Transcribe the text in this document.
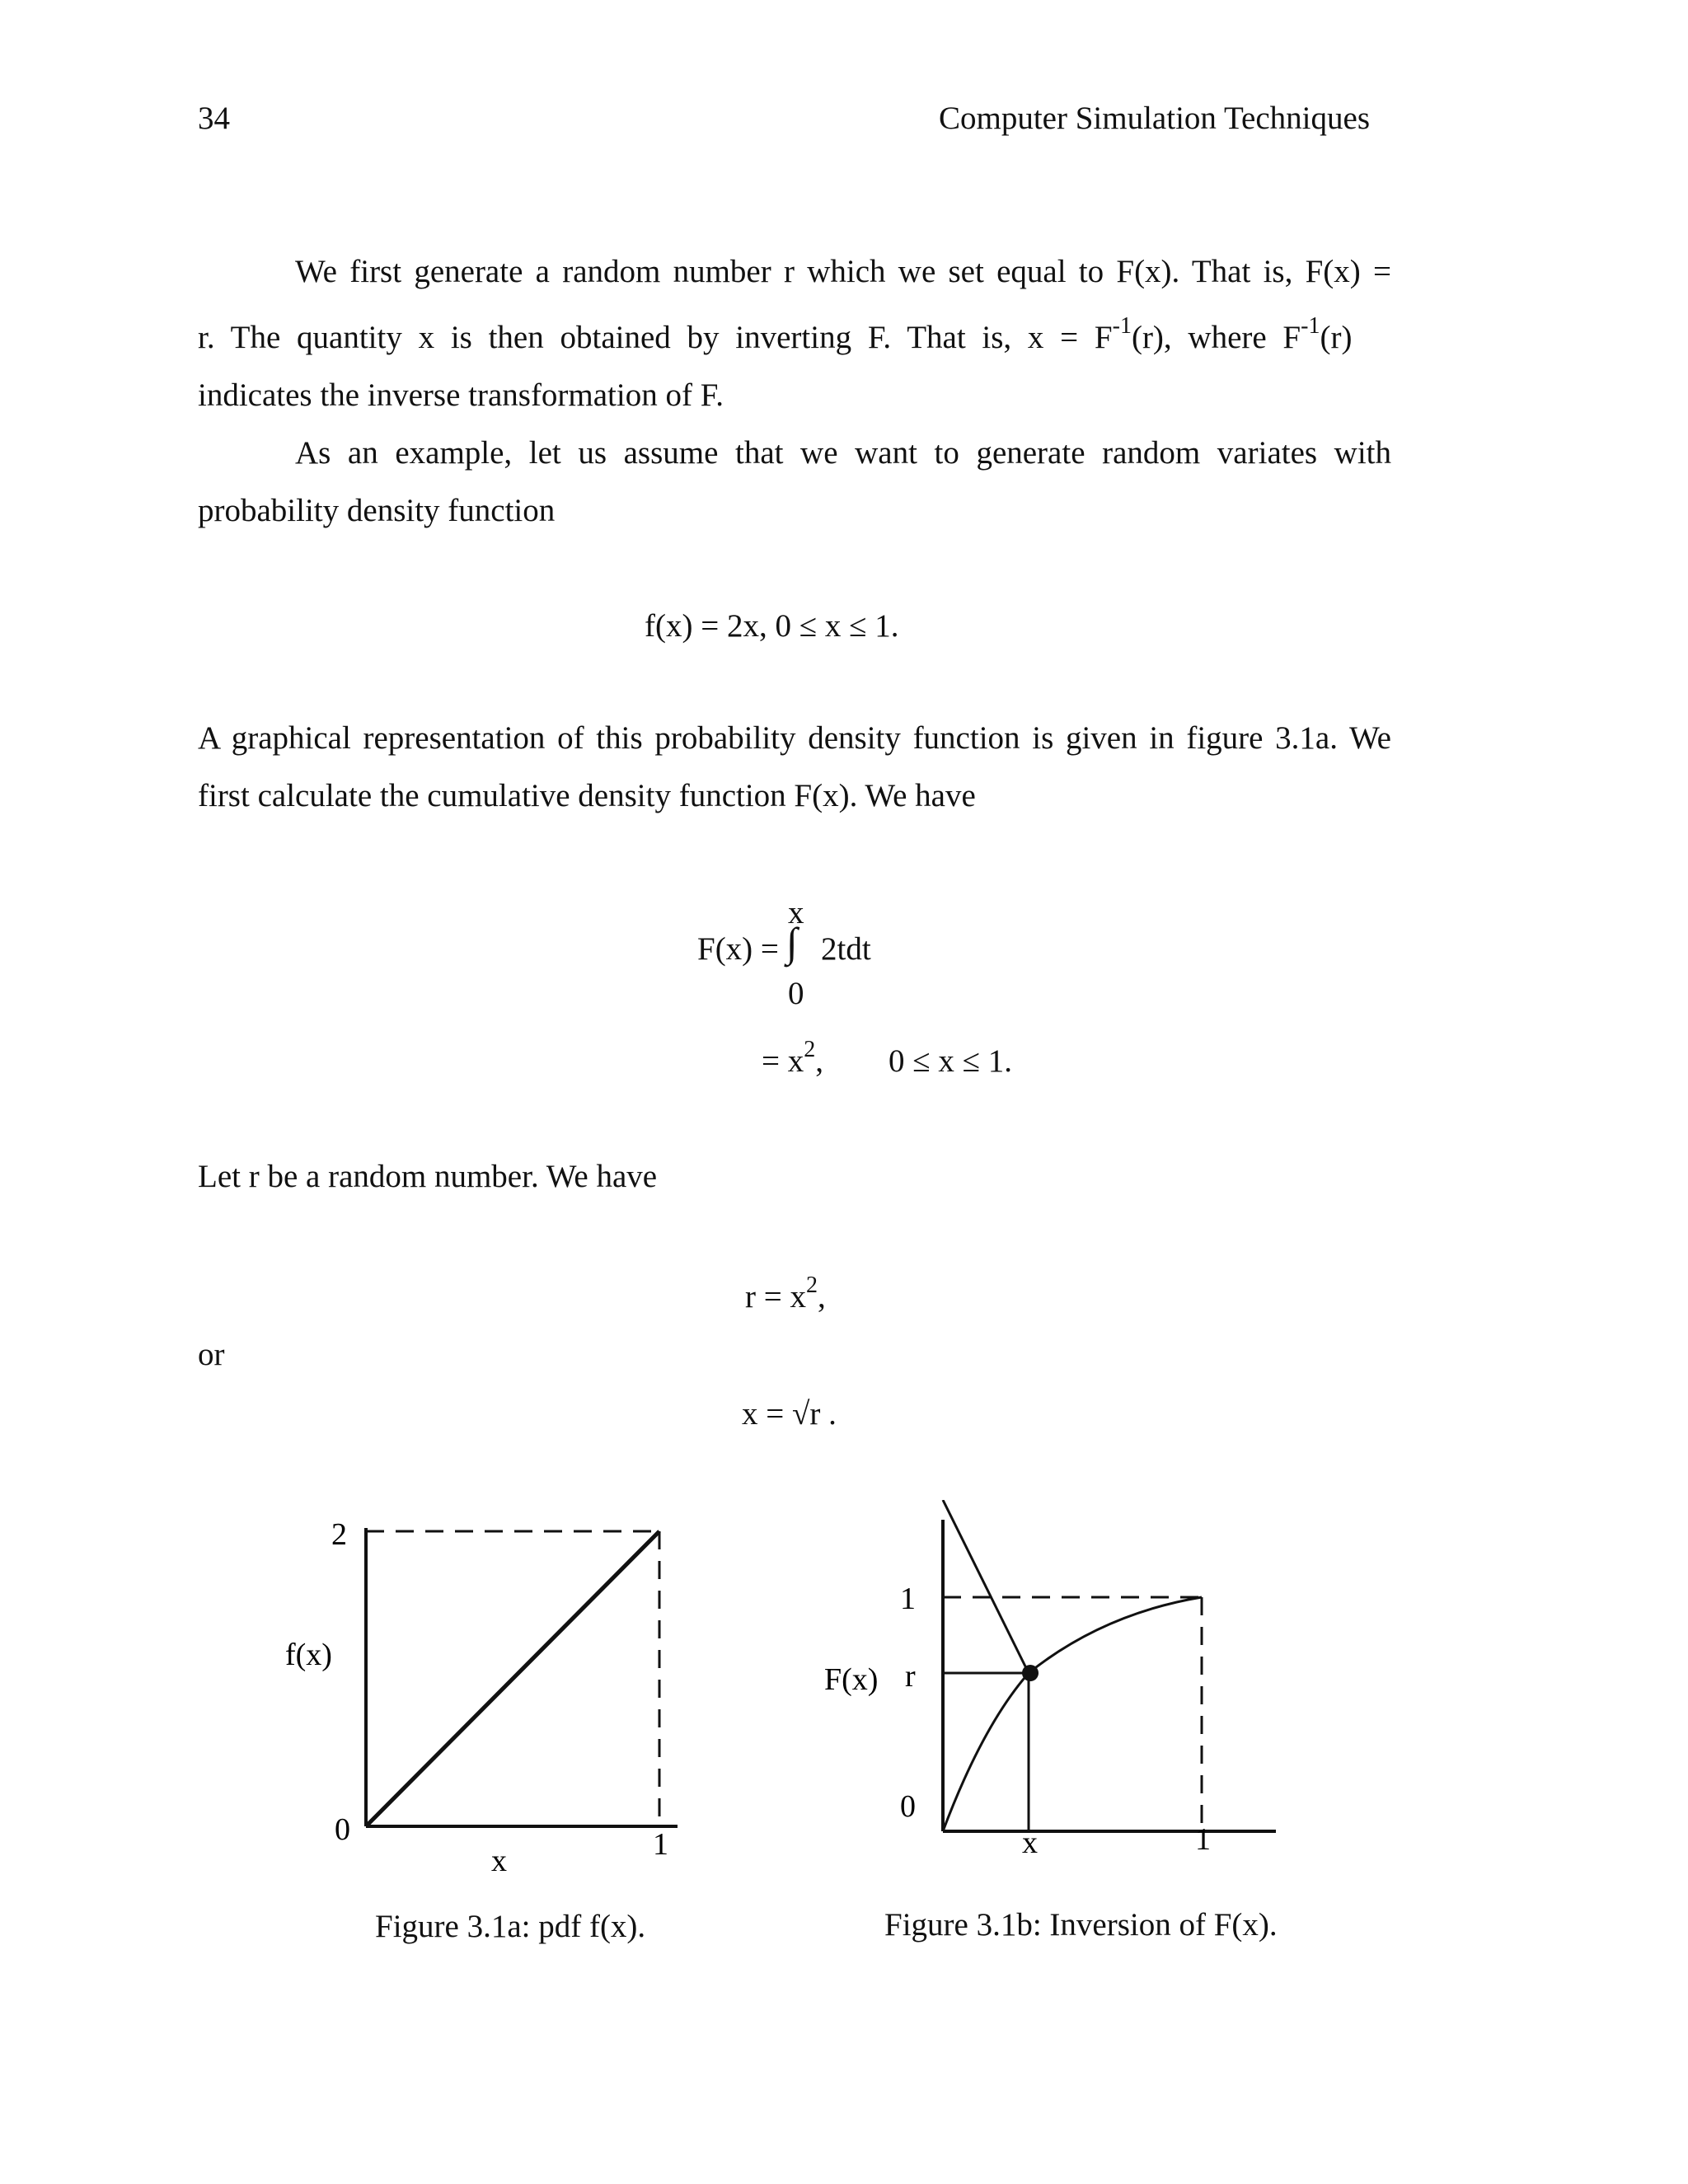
34	Computer Simulation Techniques
We first generate a random number r which we set equal to F(x). That is, F(x) =
r. The quantity x is then obtained by inverting F. That is, $x = F^{-1}(r)$, where $F^{-1}(r)$
indicates the inverse transformation of F.
As an example, let us assume that we want to generate random variates with
probability density function
f(x) = 2x, 0 ≤ x ≤ 1.
A graphical representation of this probability density function is given in figure 3.1a. We
first calculate the cumulative density function F(x). We have
x
F(x) = ∫ 2tdt
0
= $x^2$, 0 ≤ x ≤ 1.
Let r be a random number. We have
$r = x^2$,
or
x = √r .
2
f(x)
0	1
x
Figure 3.1a: pdf f(x).
1
F(x) r
0
x	1
Figure 3.1b: Inversion of F(x).
